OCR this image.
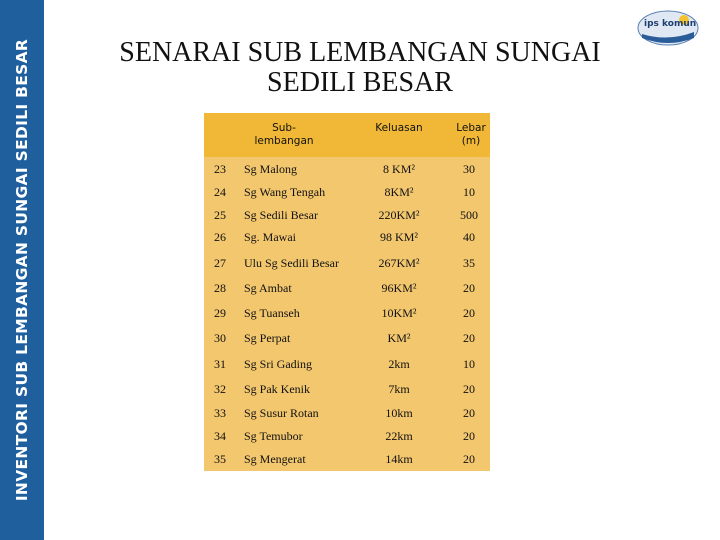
INVENTORI SUB LEMBANGAN SUNGAI SEDILI BESAR
ips komun
SENARAI SUB LEMBANGAN SUNGAI
SEDILI BESAR
Sub-lembangan
Keluasan	Lebar (m)
23 Sg Malong	8 KM²	30
24 Sg Wang Tengah	8KM²	10
25 Sg Sedili Besar	220KM²	500
26 Sg. Mawai	98 KM²	40
27 Ulu Sg Sedili Besar	267KM²	35
28 Sg Ambat	96KM²	20
29 Sg Tuanseh	10KM²	20
30 Sg Perpat	KM²	20
31 Sg Sri Gading	2km	10
32 Sg Pak Kenik	7km	20
33 Sg Susur Rotan	10km	20
34 Sg Temubor	22km	20
35 Sg Mengerat	14km	20
